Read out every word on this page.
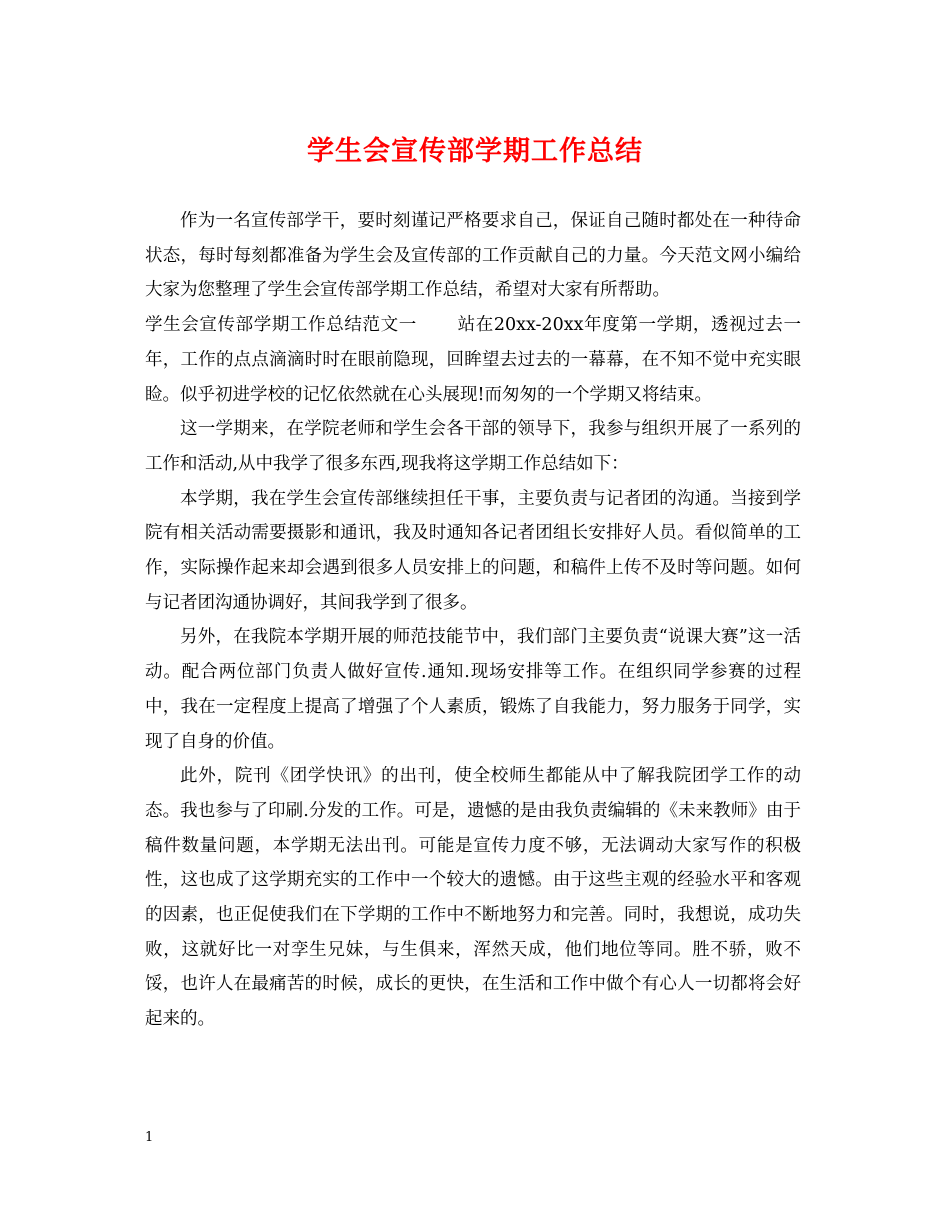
学生会宣传部学期工作总结

作为一名宣传部学干，要时刻谨记严格要求自己，保证自己随时都处在一种待命状态，每时每刻都准备为学生会及宣传部的工作贡献自己的力量。今天范文网小编给大家为您整理了学生会宣传部学期工作总结，希望对大家有所帮助。

学生会宣传部学期工作总结范文一 站在20xx-20xx年度第一学期，透视过去一年，工作的点点滴滴时时在眼前隐现，回眸望去过去的一幕幕，在不知不觉中充实眼睑。似乎初进学校的记忆依然就在心头展现!而匆匆的一个学期又将结束。

这一学期来，在学院老师和学生会各干部的领导下，我参与组织开展了一系列的工作和活动,从中我学了很多东西,现我将这学期工作总结如下：

本学期，我在学生会宣传部继续担任干事，主要负责与记者团的沟通。当接到学院有相关活动需要摄影和通讯，我及时通知各记者团组长安排好人员。看似简单的工作，实际操作起来却会遇到很多人员安排上的问题，和稿件上传不及时等问题。如何与记者团沟通协调好，其间我学到了很多。

另外，在我院本学期开展的师范技能节中，我们部门主要负责“说课大赛”这一活动。配合两位部门负责人做好宣传.通知.现场安排等工作。在组织同学参赛的过程中，我在一定程度上提高了增强了个人素质，锻炼了自我能力，努力服务于同学，实现了自身的价值。

此外，院刊《团学快讯》的出刊，使全校师生都能从中了解我院团学工作的动态。我也参与了印刷.分发的工作。可是，遗憾的是由我负责编辑的《未来教师》由于稿件数量问题，本学期无法出刊。可能是宣传力度不够，无法调动大家写作的积极性，这也成了这学期充实的工作中一个较大的遗憾。由于这些主观的经验水平和客观的因素，也正促使我们在下学期的工作中不断地努力和完善。同时，我想说，成功失败，这就好比一对孪生兄妹，与生俱来，浑然天成，他们地位等同。胜不骄，败不馁，也许人在最痛苦的时候，成长的更快，在生活和工作中做个有心人一切都将会好起来的。

1
